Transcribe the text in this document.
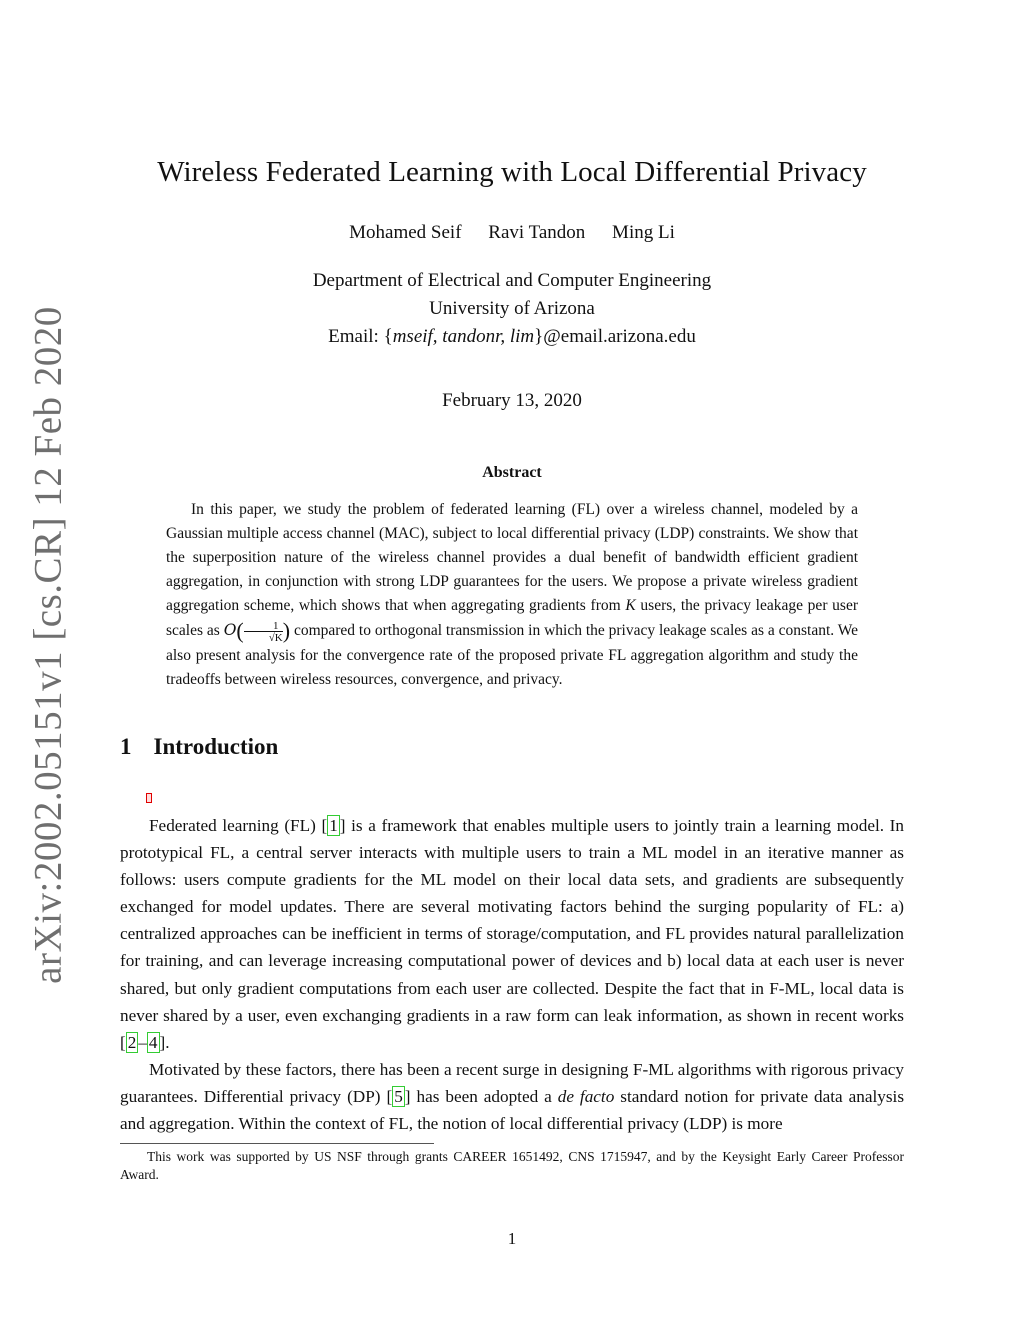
arXiv:2002.05151v1 [cs.CR] 12 Feb 2020
Wireless Federated Learning with Local Differential Privacy
Mohamed Seif Ravi Tandon Ming Li
Department of Electrical and Computer Engineering
University of Arizona
Email: {mseif, tandonr, lim}@email.arizona.edu
February 13, 2020
Abstract
In this paper, we study the problem of federated learning (FL) over a wireless channel, modeled by a Gaussian multiple access channel (MAC), subject to local differential privacy (LDP) constraints. We show that the superposition nature of the wireless channel provides a dual benefit of bandwidth efficient gradient aggregation, in conjunction with strong LDP guarantees for the users. We propose a private wireless gradient aggregation scheme, which shows that when aggregating gradients from K users, the privacy leakage per user scales as $O( \frac{1}{√K}$ ) compared to orthogonal transmission in which the privacy leakage scales as a constant. We also present analysis for the convergence rate of the proposed private FL aggregation algorithm and study the tradeoffs between wireless resources, convergence, and privacy.
1 Introduction

Federated learning (FL) [ 1 ] is a framework that enables multiple users to jointly train a learning model. In prototypical FL, a central server interacts with multiple users to train a ML model in an iterative manner as follows: users compute gradients for the ML model on their local data sets, and gradients are subsequently exchanged for model updates. There are several motivating factors behind the surging popularity of FL: a) centralized approaches can be inefficient in terms of storage/computation, and FL provides natural parallelization for training, and can leverage increasing computational power of devices and b) local data at each user is never shared, but only gradient computations from each user are collected. Despite the fact that in F-ML, local data is never shared by a user, even exchanging gradients in a raw form can leak information, as shown in recent works [ 2 – 4 ].

Motivated by these factors, there has been a recent surge in designing F-ML algorithms with rigorous privacy guarantees. Differential privacy (DP) [ 5 ] has been adopted a de facto standard notion for private data analysis and aggregation. Within the context of FL, the notion of local differential privacy (LDP) is more

This work was supported by US NSF through grants CAREER 1651492, CNS 1715947, and by the Keysight Early Career Professor Award.
1
